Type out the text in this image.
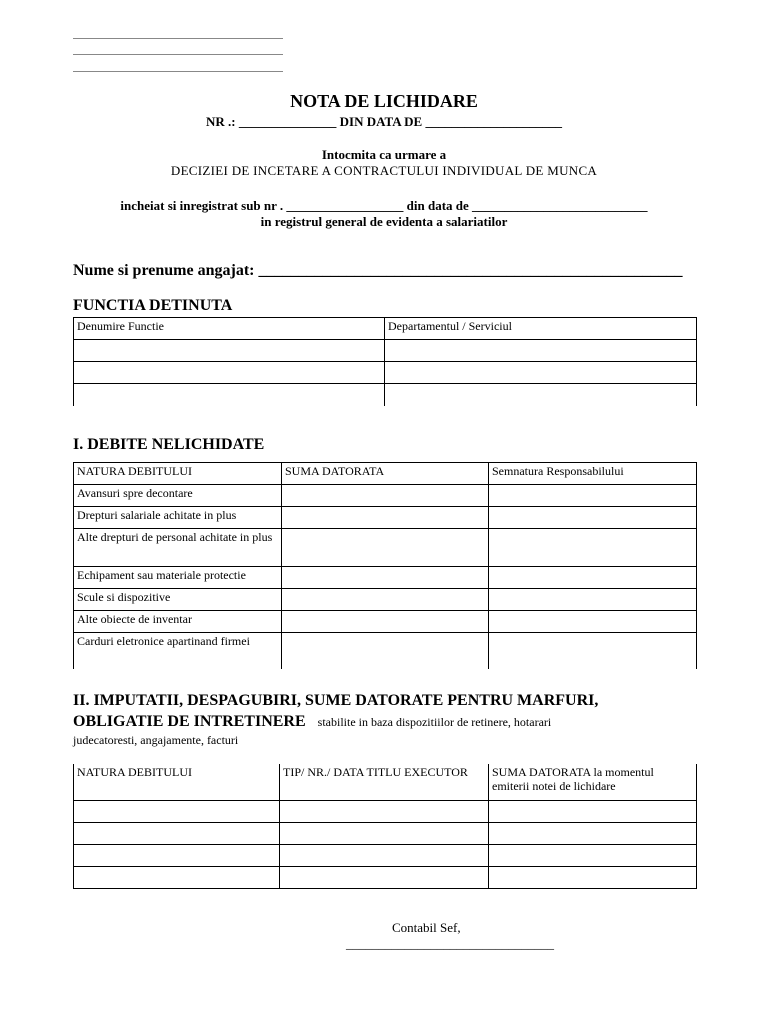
NOTA DE LICHIDARE
NR .: _______________ DIN DATA DE _____________________
Intocmita ca urmare a
DECIZIEI DE INCETARE A CONTRACTULUI INDIVIDUAL DE MUNCA
incheiat si inregistrat sub nr . __________________ din data de ___________________________
in registrul general de evidenta a salariatilor
Nume si prenume angajat: _____________________________________________________
FUNCTIA DETINUTA
Denumire Functie	Departamentul / Serviciul

I. DEBITE NELICHIDATE
NATURA DEBITULUI	SUMA DATORATA	Semnatura Responsabilului
Avansuri spre decontare		
Drepturi salariale achitate in plus		
Alte drepturi de personal achitate in plus		
Echipament sau materiale protectie		
Scule si dispozitive		
Alte obiecte de inventar		
Carduri eletronice apartinand firmei		
II. IMPUTATII, DESPAGUBIRI, SUME DATORATE PENTRU MARFURI,
OBLIGATIE DE INTRETINERE stabilite in baza dispozitiilor de retinere, hotarari
judecatoresti, angajamente, facturi
NATURA DEBITULUI	TIP/ NR./ DATA TITLU EXECUTOR	SUMA DATORATA la momentul emiterii notei de lichidare

Contabil Sef,
________________________________
